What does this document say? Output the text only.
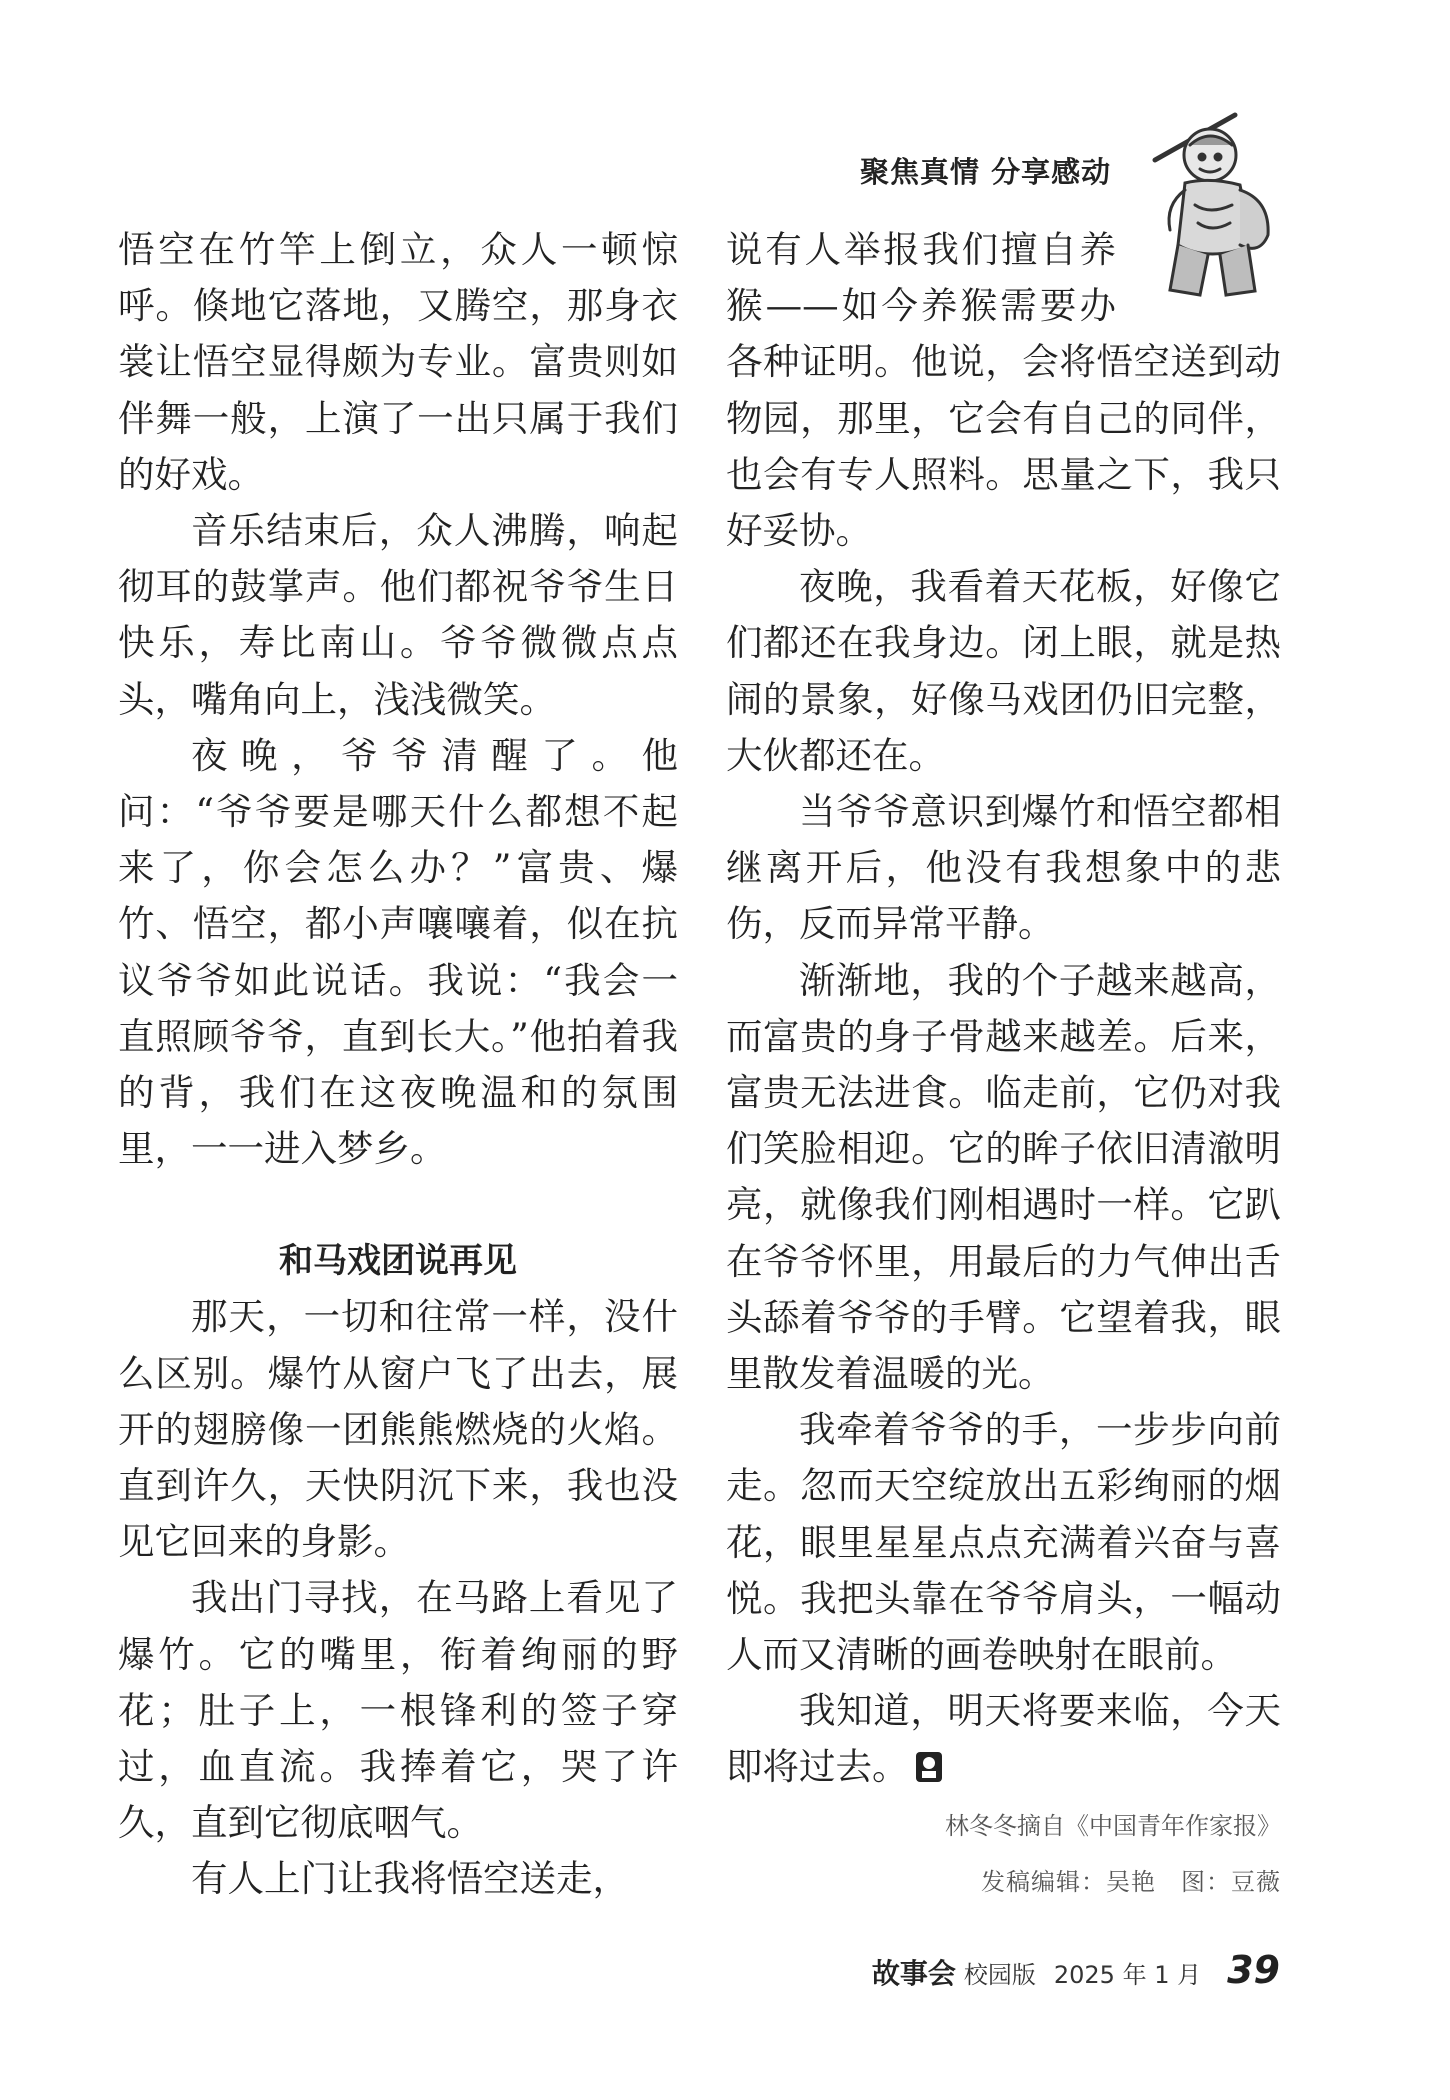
聚焦真情 分享感动

悟空在竹竿上倒立，众人一顿惊呼。倏地它落地，又腾空，那身衣裳让悟空显得颇为专业。富贵则如伴舞一般，上演了一出只属于我们的好戏。

音乐结束后，众人沸腾，响起彻耳的鼓掌声。他们都祝爷爷生日快乐，寿比南山。爷爷微微点点头，嘴角向上，浅浅微笑。

夜晚，爷爷清醒了。他问：“爷爷要是哪天什么都想不起来了，你会怎么办？”富贵、爆竹、悟空，都小声嚷嚷着，似在抗议爷爷如此说话。我说：“我会一直照顾爷爷，直到长大。”他拍着我的背，我们在这夜晚温和的氛围里，一一进入梦乡。

和马戏团说再见

那天，一切和往常一样，没什么区别。爆竹从窗户飞了出去，展开的翅膀像一团熊熊燃烧的火焰。直到许久，天快阴沉下来，我也没见它回来的身影。

我出门寻找，在马路上看见了爆竹。它的嘴里，衔着绚丽的野花；肚子上，一根锋利的签子穿过，血直流。我捧着它，哭了许久，直到它彻底咽气。

有人上门让我将悟空送走，

说有人举报我们擅自养猴——如今养猴需要办各种证明。他说，会将悟空送到动物园，那里，它会有自己的同伴，也会有专人照料。思量之下，我只好妥协。

夜晚，我看着天花板，好像它们都还在我身边。闭上眼，就是热闹的景象，好像马戏团仍旧完整，大伙都还在。

当爷爷意识到爆竹和悟空都相继离开后，他没有我想象中的悲伤，反而异常平静。

渐渐地，我的个子越来越高，而富贵的身子骨越来越差。后来，富贵无法进食。临走前，它仍对我们笑脸相迎。它的眸子依旧清澈明亮，就像我们刚相遇时一样。它趴在爷爷怀里，用最后的力气伸出舌头舔着爷爷的手臂。它望着我，眼里散发着温暖的光。

我牵着爷爷的手，一步步向前走。忽而天空绽放出五彩绚丽的烟花，眼里星星点点充满着兴奋与喜悦。我把头靠在爷爷肩头，一幅动人而又清晰的画卷映射在眼前。

我知道，明天将要来临，今天即将过去。

林冬冬摘自《中国青年作家报》
发稿编辑：吴艳　图：豆薇
故事会 校园版 2025 年 1 月 39
